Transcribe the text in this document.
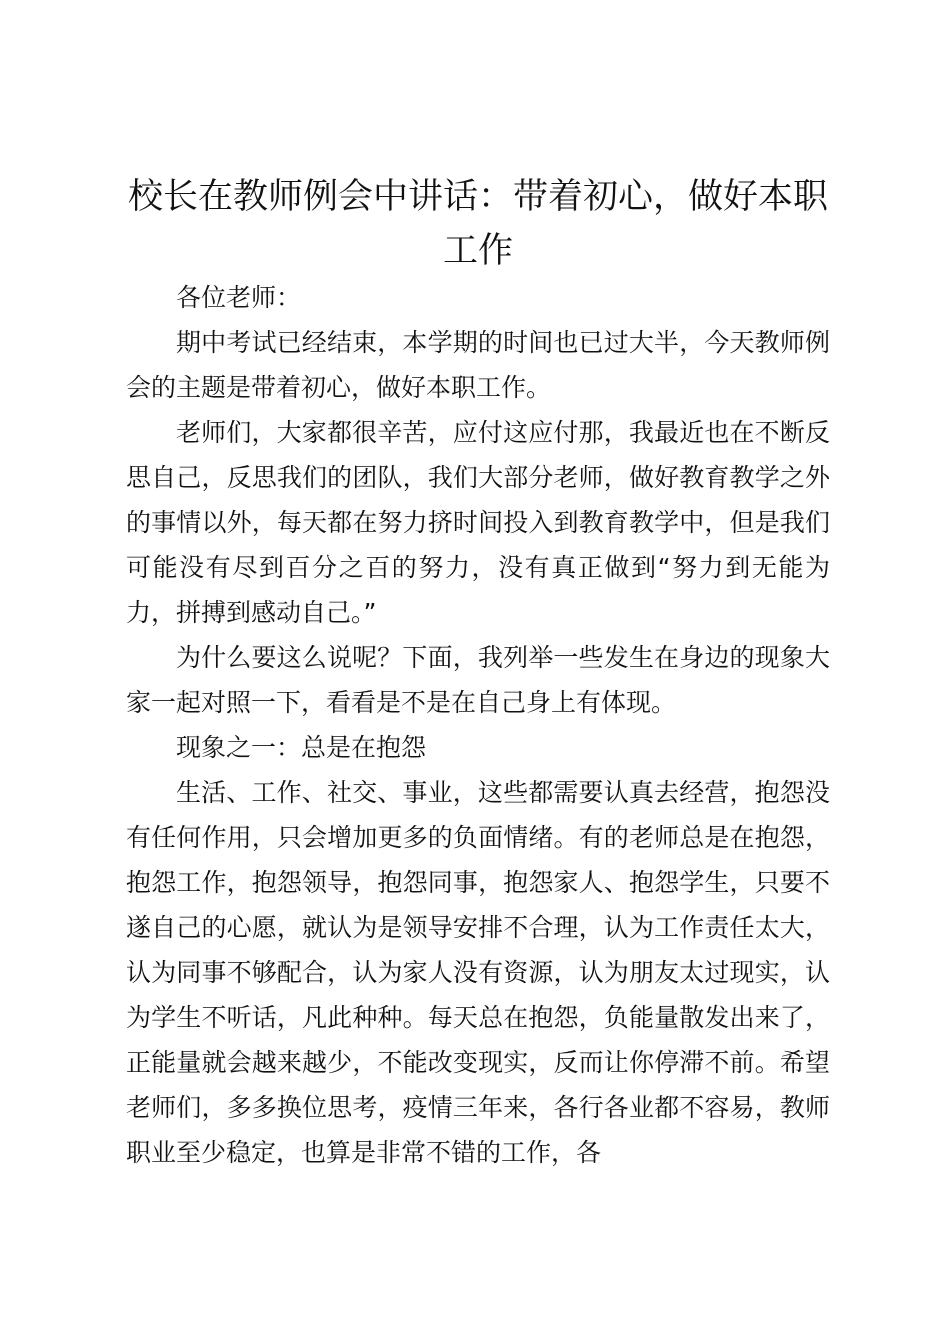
校长在教师例会中讲话：带着初心，做好本职工作

各位老师：

期中考试已经结束，本学期的时间也已过大半，今天教师例会的主题是带着初心，做好本职工作。

老师们，大家都很辛苦，应付这应付那，我最近也在不断反思自己，反思我们的团队，我们大部分老师，做好教育教学之外的事情以外，每天都在努力挤时间投入到教育教学中，但是我们可能没有尽到百分之百的努力，没有真正做到“努力到无能为力，拼搏到感动自己。”

为什么要这么说呢？下面，我列举一些发生在身边的现象大家一起对照一下，看看是不是在自己身上有体现。

现象之一：总是在抱怨

生活、工作、社交、事业，这些都需要认真去经营，抱怨没有任何作用，只会增加更多的负面情绪。有的老师总是在抱怨，抱怨工作，抱怨领导，抱怨同事，抱怨家人、抱怨学生，只要不遂自己的心愿，就认为是领导安排不合理，认为工作责任太大，认为同事不够配合，认为家人没有资源，认为朋友太过现实，认为学生不听话，凡此种种。每天总在抱怨，负能量散发出来了，正能量就会越来越少，不能改变现实，反而让你停滞不前。希望老师们，多多换位思考，疫情三年来，各行各业都不容易，教师职业至少稳定，也算是非常不错的工作，各
